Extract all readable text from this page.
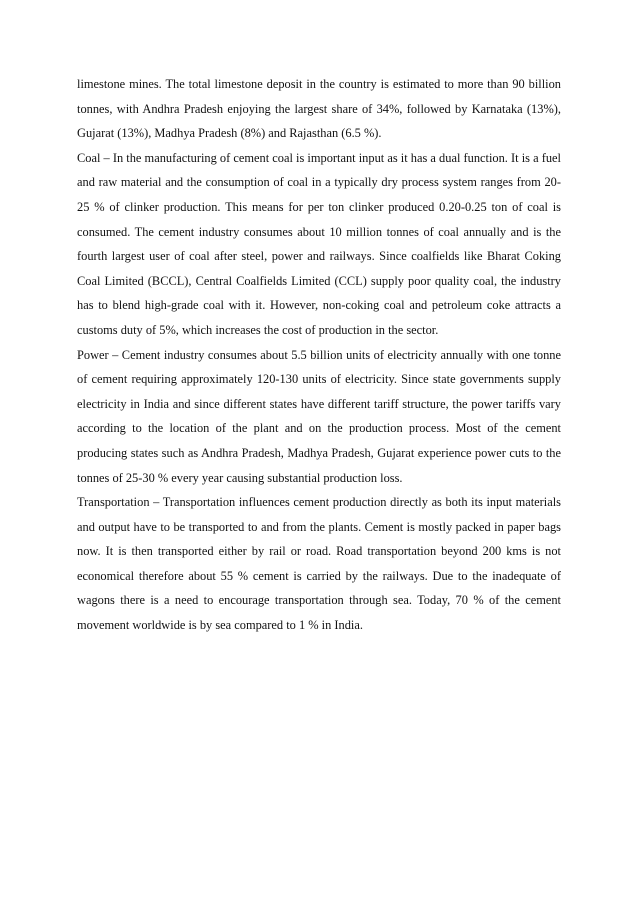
limestone mines. The total limestone deposit in the country is estimated to more than 90 billion tonnes, with Andhra Pradesh enjoying the largest share of 34%, followed by Karnataka (13%), Gujarat (13%), Madhya Pradesh (8%) and Rajasthan (6.5 %).

Coal – In the manufacturing of cement coal is important input as it has a dual function. It is a fuel and raw material and the consumption of coal in a typically dry process system ranges from 20-25 % of clinker production. This means for per ton clinker produced 0.20-0.25 ton of coal is consumed. The cement industry consumes about 10 million tonnes of coal annually and is the fourth largest user of coal after steel, power and railways. Since coalfields like Bharat Coking Coal Limited (BCCL), Central Coalfields Limited (CCL) supply poor quality coal, the industry has to blend high-grade coal with it. However, non-coking coal and petroleum coke attracts a customs duty of 5%, which increases the cost of production in the sector.

Power – Cement industry consumes about 5.5 billion units of electricity annually with one tonne of cement requiring approximately 120-130 units of electricity. Since state governments supply electricity in India and since different states have different tariff structure, the power tariffs vary according to the location of the plant and on the production process. Most of the cement producing states such as Andhra Pradesh, Madhya Pradesh, Gujarat experience power cuts to the tonnes of 25-30 % every year causing substantial production loss.

Transportation – Transportation influences cement production directly as both its input materials and output have to be transported to and from the plants. Cement is mostly packed in paper bags now. It is then transported either by rail or road. Road transportation beyond 200 kms is not economical therefore about 55 % cement is carried by the railways. Due to the inadequate of wagons there is a need to encourage transportation through sea. Today, 70 % of the cement movement worldwide is by sea compared to 1 % in India.
